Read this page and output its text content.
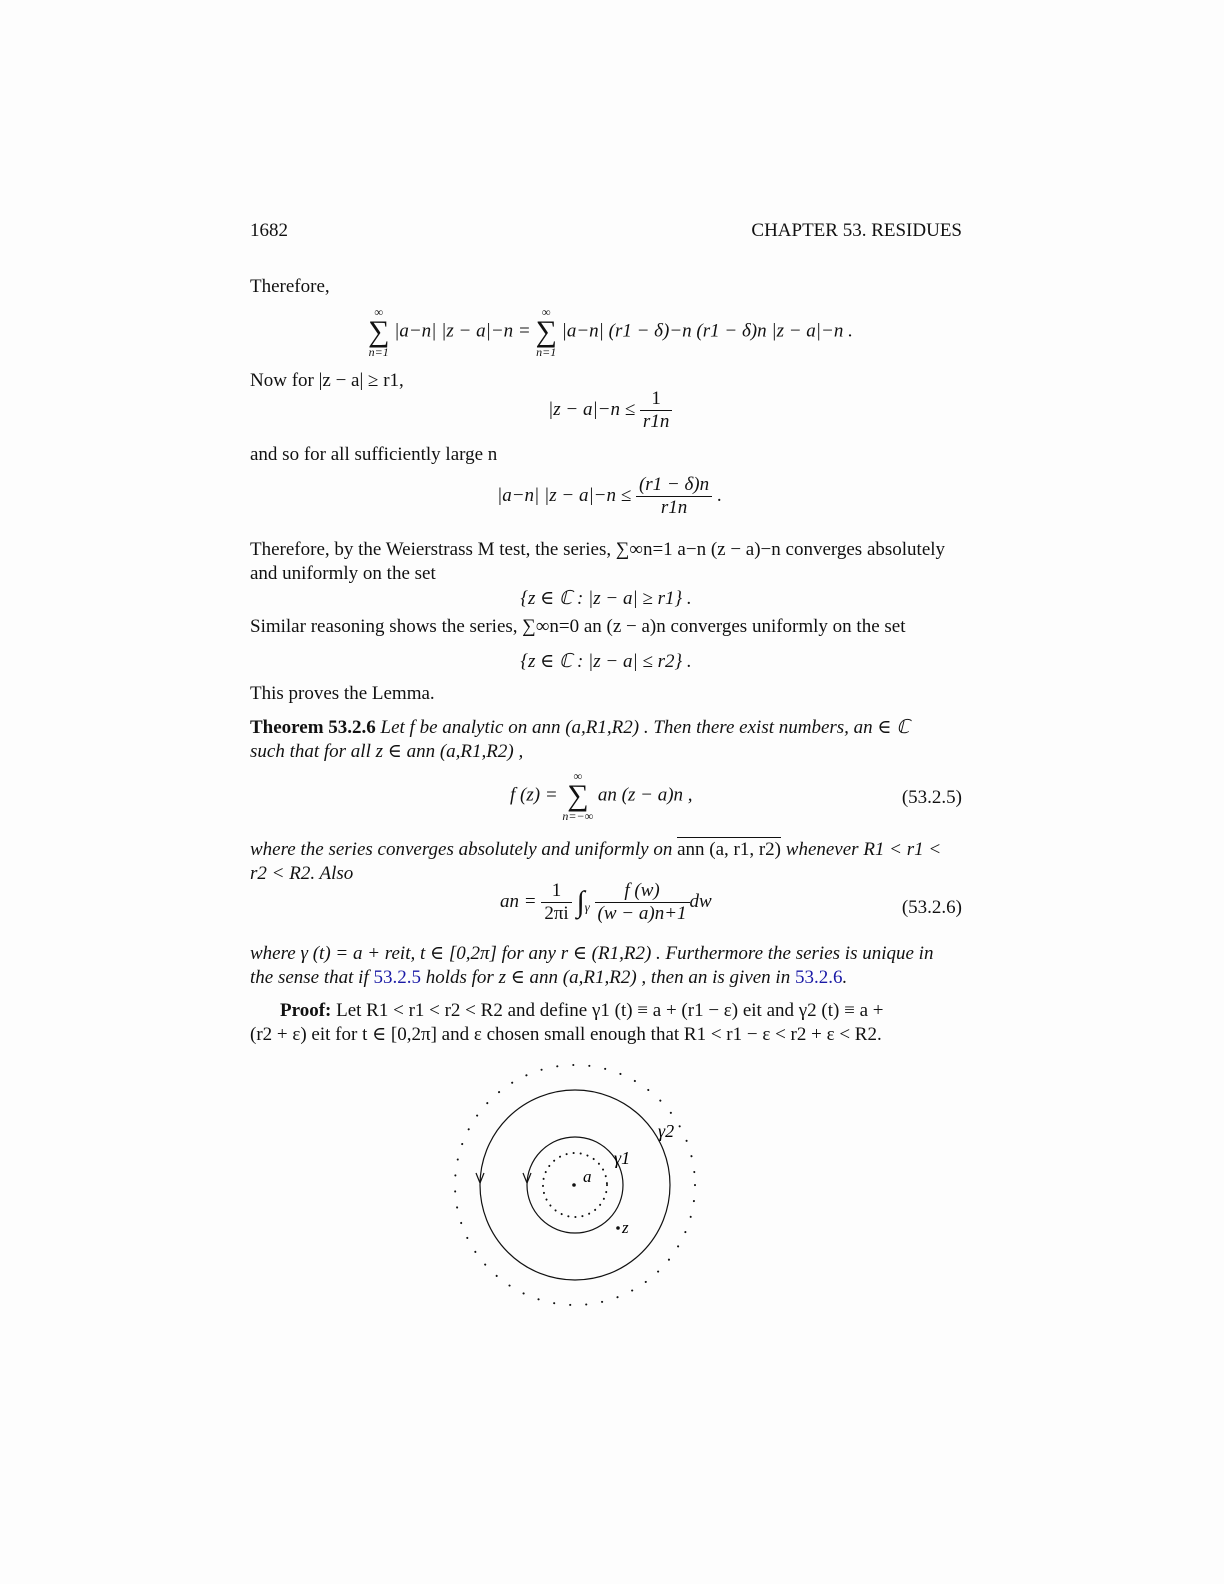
1682	CHAPTER 53. RESIDUES
Therefore,
∞
∑
n=1
|a−n| |z − a|−n =
∞
∑
n=1
|a−n| (r1 − δ)−n (r1 − δ)n |z − a|−n .
Now for |z − a| ≥ r1,
$|z - a|-n \le \frac{1}{r1n}$
and so for all sufficiently large n
|a−n| $|z - a|-n \le \frac{(r1 - \delta)n}{r1n}$ .
Therefore, by the Weierstrass M test, the series, ∑∞n=1 a−n (z − a)−n converges absolutely
and uniformly on the set
{z ∈ ℂ : |z − a| ≥ r1} .
Similar reasoning shows the series, ∑∞n=0 an (z − a)n converges uniformly on the set
{z ∈ ℂ : |z − a| ≤ r2} .
This proves the Lemma.
Theorem 53.2.6 Let f be analytic on ann (a,R1,R2) . Then there exist numbers, an ∈ ℂ
such that for all z ∈ ann (a,R1,R2) ,
f (z) =
∞
∑
n=−∞
an (z − a)n ,	(53.2.5)
where the series converges absolutely and uniformly on ann (a, r1, r2) whenever R1 < r1 <
r2 < R2. Also
an = $\frac{1}{2\pi i} \int_\gamma \frac{f (w)}{(w - a)n+1}$ dw	(53.2.6)
where γ (t) = a + reit, t ∈ [0,2π] for any r ∈ (R1,R2) . Furthermore the series is unique in
the sense that if 53.2.5 holds for z ∈ ann (a,R1,R2) , then an is given in 53.2.6.
Proof: Let R1 < r1 < r2 < R2 and define γ1 (t) ≡ a + (r1 − ε) eit and γ2 (t) ≡ a +
(r2 + ε) eit for t ∈ [0,2π] and ε chosen small enough that R1 < r1 − ε < r2 + ε < R2.
a
z
γ1
γ2
